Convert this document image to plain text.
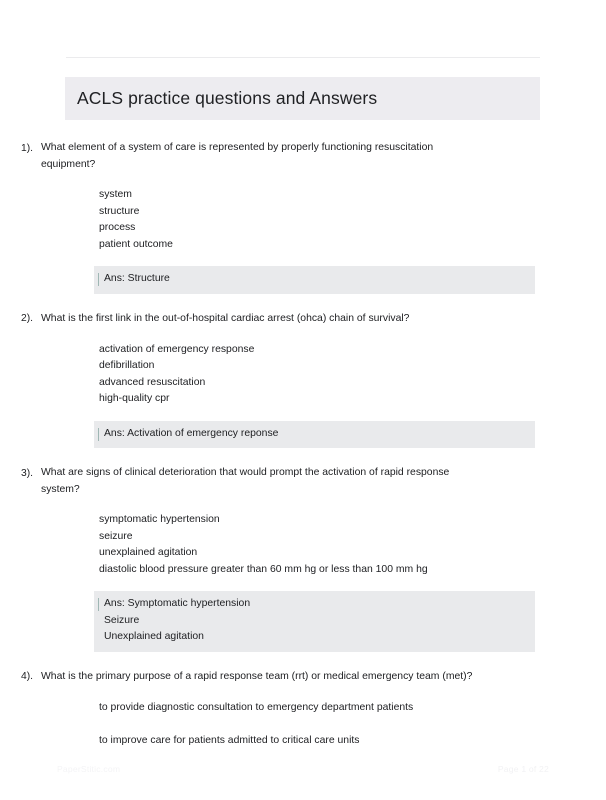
ACLS practice questions and Answers
1). What element of a system of care is represented by properly functioning resuscitation equipment?
system
structure
process
patient outcome
Ans: Structure
2). What is the first link in the out-of-hospital cardiac arrest (ohca) chain of survival?
activation of emergency response
defibrillation
advanced resuscitation
high-quality cpr
Ans: Activation of emergency reponse
3). What are signs of clinical deterioration that would prompt the activation of rapid response system?
symptomatic hypertension
seizure
unexplained agitation
diastolic blood pressure greater than 60 mm hg or less than 100 mm hg
Ans: Symptomatic hypertension
Seizure
Unexplained agitation
4). What is the primary purpose of a rapid response team (rrt) or medical emergency team (met)?
to provide diagnostic consultation to emergency department patients
to improve care for patients admitted to critical care units
PaperStitic.com	Page 1 of 22
